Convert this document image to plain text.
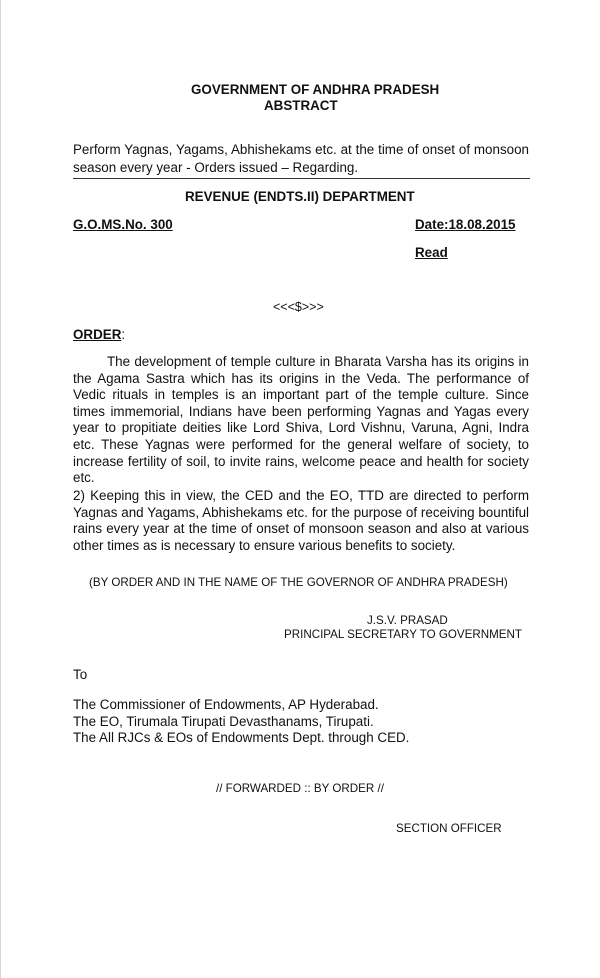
GOVERNMENT OF ANDHRA PRADESH
ABSTRACT
Perform Yagnas, Yagams, Abhishekams etc. at the time of onset of monsoon season every year - Orders issued – Regarding.
REVENUE (ENDTS.II) DEPARTMENT
G.O.MS.No. 300	Date:18.08.2015
Read
<<<$>>>
ORDER:

The development of temple culture in Bharata Varsha has its origins in the Agama Sastra which has its origins in the Veda. The performance of Vedic rituals in temples is an important part of the temple culture. Since times immemorial, Indians have been performing Yagnas and Yagas every year to propitiate deities like Lord Shiva, Lord Vishnu, Varuna, Agni, Indra etc. These Yagnas were performed for the general welfare of society, to increase fertility of soil, to invite rains, welcome peace and health for society etc.

2) Keeping this in view, the CED and the EO, TTD are directed to perform Yagnas and Yagams, Abhishekams etc. for the purpose of receiving bountiful rains every year at the time of onset of monsoon season and also at various other times as is necessary to ensure various benefits to society.

(BY ORDER AND IN THE NAME OF THE GOVERNOR OF ANDHRA PRADESH)
J.S.V. PRASAD
PRINCIPAL SECRETARY TO GOVERNMENT
To
The Commissioner of Endowments, AP Hyderabad.
The EO, Tirumala Tirupati Devasthanams, Tirupati.
The All RJCs & EOs of Endowments Dept. through CED.
// FORWARDED :: BY ORDER //
SECTION OFFICER
